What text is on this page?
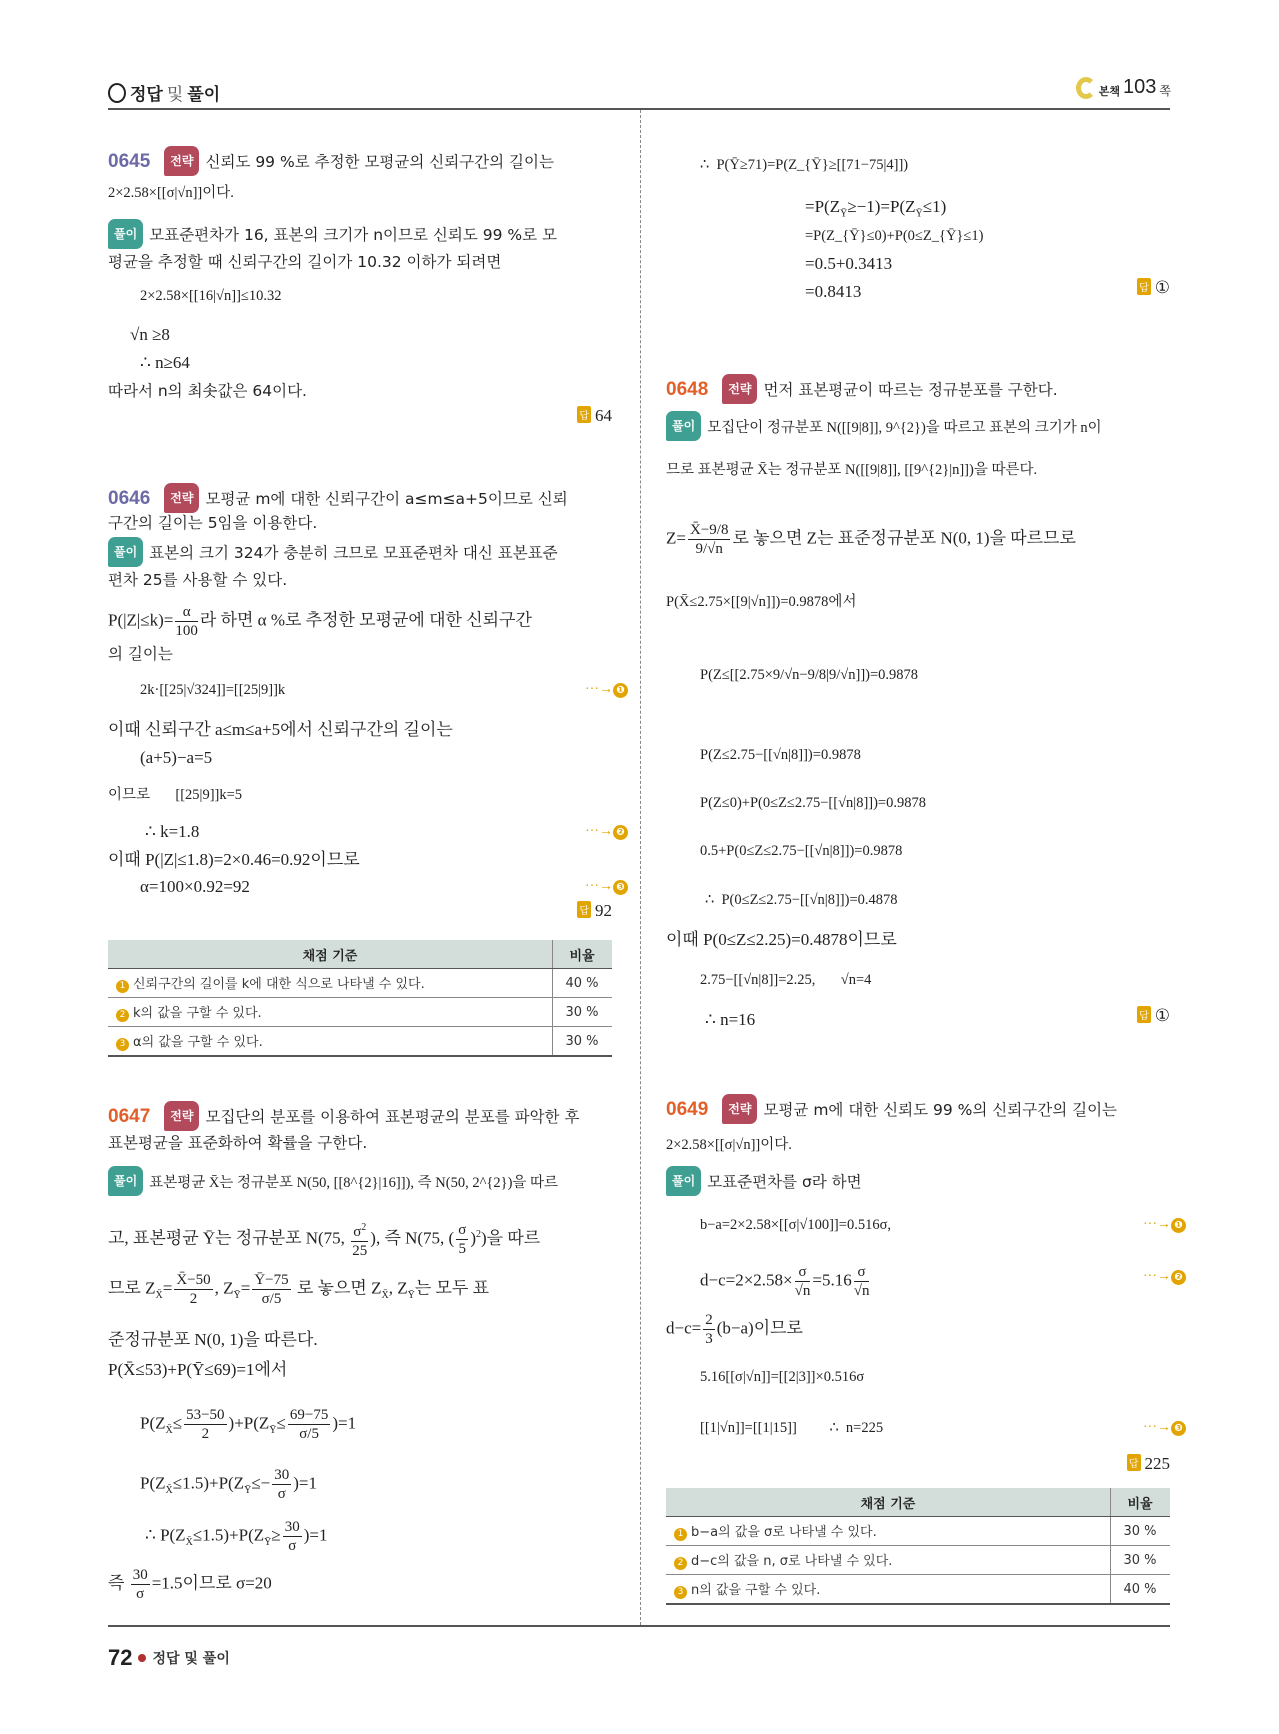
정답 및 풀이	본책 103 쪽
0645 전략 신뢰도 99 %로 추정한 모평균의 신뢰구간의 길이는
2×2.58×[[σ|√n]]이다.
풀이 모표준편차가 16, 표본의 크기가 n이므로 신뢰도 99 %로 모
평균을 추정할 때 신뢰구간의 길이가 10.32 이하가 되려면
2×2.58×[[16|√n]]≤10.32
√n ≥8
∴ n≥64
따라서 n의 최솟값은 64이다.
답 64
0646 전략 모평균 m에 대한 신뢰구간이 a≤m≤a+5이므로 신뢰
구간의 길이는 5임을 이용한다.
풀이 표본의 크기 324가 충분히 크므로 모표준편차 대신 표본표준
편차 25를 사용할 수 있다.
$P(|Z|\le k)= \frac{\alpha}{100}$ 라 하면 α %로 추정한 모평균에 대한 신뢰구간
의 길이는
2k·[[25|√324]]=[[25|9]]k	···→ ❶
이때 신뢰구간 a≤m≤a+5에서 신뢰구간의 길이는
(a+5)−a=5
이므로       [[25|9]]k=5
∴ k=1.8	···→ ❷
이때 P(|Z|≤1.8)=2×0.46=0.92이므로
α=100×0.92=92	···→ ❸
답 92
채점 기준	비율
1 신뢰구간의 길이를 k에 대한 식으로 나타낼 수 있다.	40 %
2 k의 값을 구할 수 있다.	30 %
3 α의 값을 구할 수 있다.	30 %
0647 전략 모집단의 분포를 이용하여 표본평균의 분포를 파악한 후
표본평균을 표준화하여 확률을 구한다.
풀이 표본평균 X̄는 정규분포 N(50, [[8^{2}|16]]), 즉 N(50, 2^{2})을 따르
고, 표본평균 Ȳ는 정규분포 N(75, $\frac{\sigma^2}{25}$ ), 즉 N(75, ( $\frac{\sigma}{5} )^2$)을 따르
므로 $Z_{X̄}= \frac{X̄-50}{2}$ , $Z_Ȳ= \frac{Ȳ-75}{\sigma/5}$ 로 놓으면 $Z_{X̄}$, $Z_Ȳ$는 모두 표
준정규분포 N(0, 1)을 따른다.
P(X̄≤53)+P(Ȳ≤69)=1에서
$P(Z_{X̄}\le \frac{53-50}{2} )+P(Z_Ȳ\le \frac{69-75}{\sigma/5} )=1$
$P(Z_{X̄}\le 1.5)+P(Z_Ȳ\le- \frac{30}{\sigma} )=1$
∴ $P(Z_{X̄}\le 1.5)+P(Z_Ȳ\ge \frac{30}{\sigma} )=1$
즉 $\frac{30}{\sigma} =1.5$이므로 σ=20
∴  P(Ȳ≥71)=P(Z_{Ȳ}≥[[71−75|4]])
$=P(Z_Ȳ\ge-1)=P(Z_Ȳ\le 1)$
=P(Z_{Ȳ}≤0)+P(0≤Z_{Ȳ}≤1)
=0.5+0.3413
=0.8413	답 ①
0648 전략 먼저 표본평균이 따르는 정규분포를 구한다.
풀이 모집단이 정규분포 N([[9|8]], 9^{2})을 따르고 표본의 크기가 n이
므로 표본평균 X̄는 정규분포 N([[9|8]], [[9^{2}|n]])을 따른다.
$Z= \frac{X̄-9/8}{9/√n}$ 로 놓으면 Z는 표준정규분포 N(0, 1)을 따르므로
P(X̄≤2.75×[[9|√n]])=0.9878에서
P(Z≤[[2.75×9/√n−9/8|9/√n]])=0.9878
P(Z≤2.75−[[√n|8]])=0.9878
P(Z≤0)+P(0≤Z≤2.75−[[√n|8]])=0.9878
0.5+P(0≤Z≤2.75−[[√n|8]])=0.9878
∴  P(0≤Z≤2.75−[[√n|8]])=0.4878
이때 P(0≤Z≤2.25)=0.4878이므로
2.75−[[√n|8]]=2.25,       √n=4
∴ n=16	답 ①
0649 전략 모평균 m에 대한 신뢰도 99 %의 신뢰구간의 길이는
2×2.58×[[σ|√n]]이다.
풀이 모표준편차를 σ라 하면
b−a=2×2.58×[[σ|√100]]=0.516σ,	···→ ❶
$d-c=2\times 2.58\times \frac{\sigma}{√n} =5.16 \frac{\sigma}{√n}$	···→ ❷
$d-c= \frac{2}{3} (b-a)$이므로
5.16[[σ|√n]]=[[2|3]]×0.516σ
[[1|√n]]=[[1|15]]         ∴  n=225	···→ ❸
답 225
채점 기준	비율
1 b−a의 값을 σ로 나타낼 수 있다.	30 %
2 d−c의 값을 n, σ로 나타낼 수 있다.	30 %
3 n의 값을 구할 수 있다.	40 %
72 정답 및 풀이
